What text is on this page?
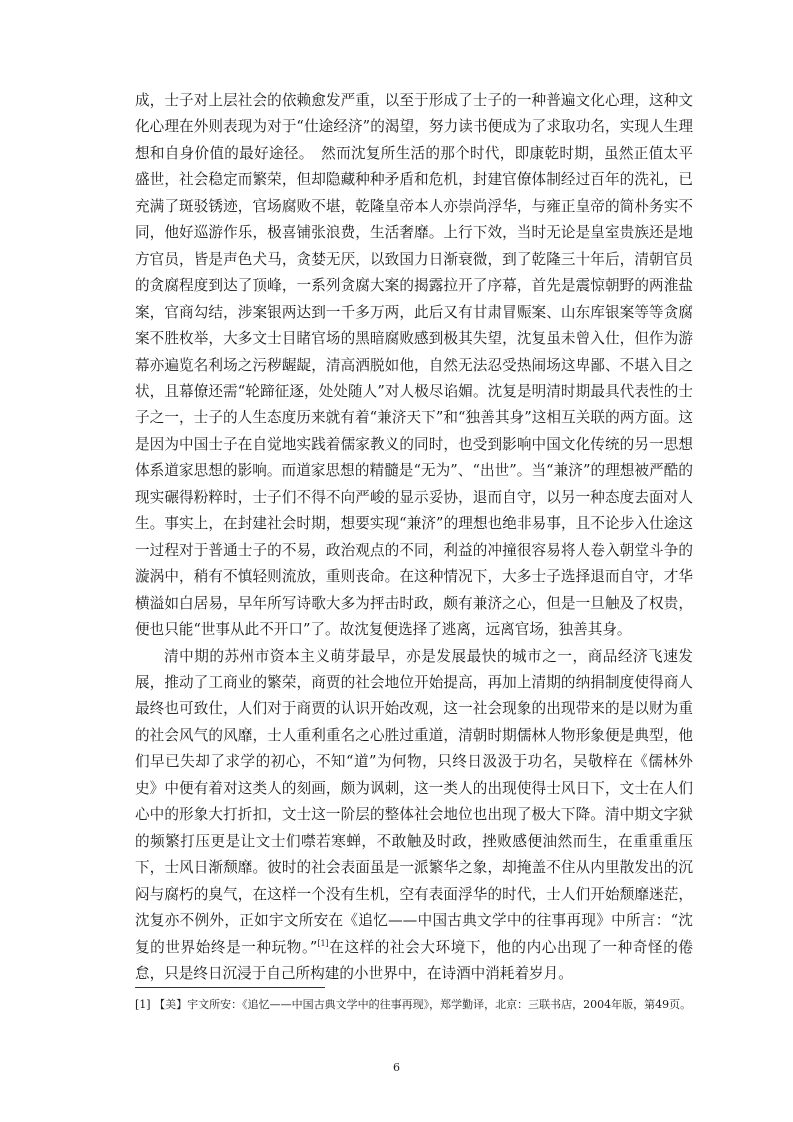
成，士子对上层社会的依赖愈发严重，以至于形成了士子的一种普遍文化心理，这种文化心理在外则表现为对于“仕途经济”的渴望，努力读书便成为了求取功名，实现人生理想和自身价值的最好途径。　然而沈复所生活的那个时代，即康乾时期，虽然正值太平盛世，社会稳定而繁荣，但却隐藏种种矛盾和危机，封建官僚体制经过百年的洗礼，已充满了斑驳锈迹，官场腐败不堪，乾隆皇帝本人亦崇尚浮华，与雍正皇帝的简朴务实不同，他好巡游作乐，极喜铺张浪费，生活奢靡。上行下效，当时无论是皇室贵族还是地方官员，皆是声色犬马，贪婪无厌，以致国力日渐衰微，到了乾隆三十年后，清朝官员的贪腐程度到达了顶峰，一系列贪腐大案的揭露拉开了序幕，首先是震惊朝野的两淮盐案，官商勾结，涉案银两达到一千多万两，此后又有甘肃冒赈案、山东库银案等等贪腐案不胜枚举，大多文士目睹官场的黑暗腐败感到极其失望，沈复虽未曾入仕，但作为游幕亦遍览名利场之污秽龌龊，清高洒脱如他，自然无法忍受热闹场这卑鄙、不堪入目之状，且幕僚还需“轮蹄征逐，处处随人”对人极尽谄媚。沈复是明清时期最具代表性的士子之一，士子的人生态度历来就有着“兼济天下”和“独善其身”这相互关联的两方面。这是因为中国士子在自觉地实践着儒家教义的同时，也受到影响中国文化传统的另一思想体系道家思想的影响。而道家思想的精髓是“无为”、“出世”。当“兼济”的理想被严酷的现实碾得粉粹时，士子们不得不向严峻的显示妥协，退而自守，以另一种态度去面对人生。事实上，在封建社会时期，想要实现“兼济”的理想也绝非易事，且不论步入仕途这一过程对于普通士子的不易，政治观点的不同，利益的冲撞很容易将人卷入朝堂斗争的漩涡中，稍有不慎轻则流放，重则丧命。在这种情况下，大多士子选择退而自守，才华横溢如白居易，早年所写诗歌大多为抨击时政，颇有兼济之心，但是一旦触及了权贵，便也只能“世事从此不开口”了。故沈复便选择了逃离，远离官场，独善其身。

清中期的苏州市资本主义萌芽最早，亦是发展最快的城市之一，商品经济飞速发展，推动了工商业的繁荣，商贾的社会地位开始提高，再加上清期的纳捐制度使得商人最终也可致仕，人们对于商贾的认识开始改观，这一社会现象的出现带来的是以财为重的社会风气的风靡，士人重利重名之心胜过重道，清朝时期儒林人物形象便是典型，他们早已失却了求学的初心，不知“道”为何物，只终日汲汲于功名，吴敬梓在《儒林外史》中便有着对这类人的刻画，颇为讽刺，这一类人的出现使得士风日下，文士在人们心中的形象大打折扣，文士这一阶层的整体社会地位也出现了极大下降。清中期文字狱的频繁打压更是让文士们噤若寒蝉，不敢触及时政，挫败感便油然而生，在重重重压下，士风日渐颓靡。彼时的社会表面虽是一派繁华之象，却掩盖不住从内里散发出的沉闷与腐朽的臭气，在这样一个没有生机，空有表面浮华的时代，士人们开始颓靡迷茫，沈复亦不例外，正如宇文所安在《追忆——中国古典文学中的往事再现》中所言：“沈复的世界始终是一种玩物。”[1]在这样的社会大环境下，他的内心出现了一种奇怪的倦怠，只是终日沉浸于自己所构建的小世界中，在诗酒中消耗着岁月。

[1] 【美】宇文所安：《追忆——中国古典文学中的往事再现》，郑学勤译，北京：三联书店，2004年版，第49页。

6
